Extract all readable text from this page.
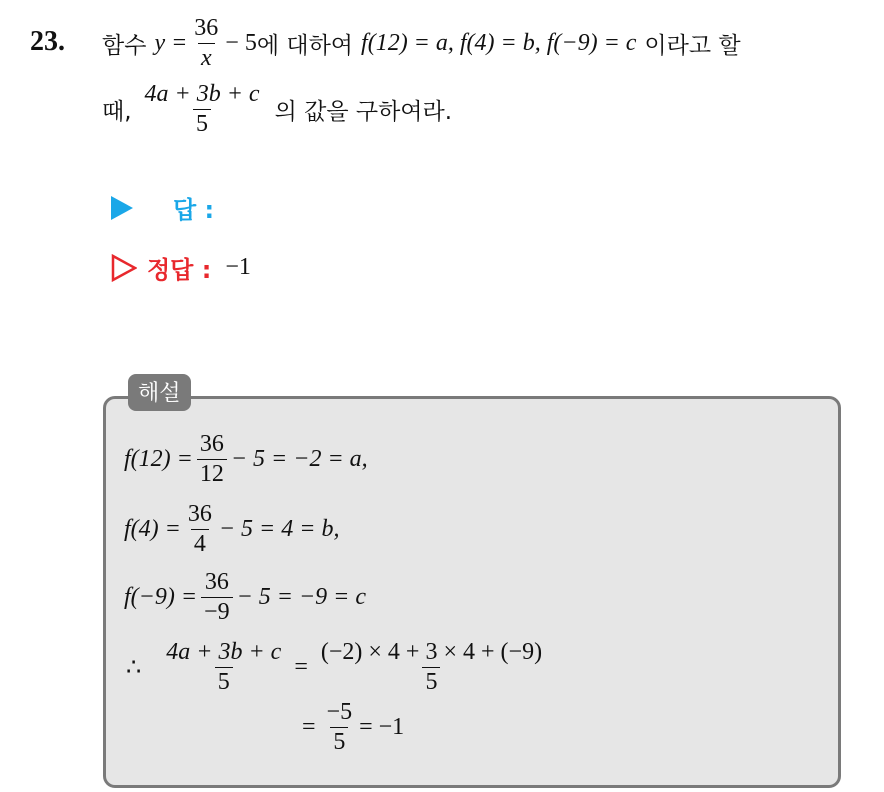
23. 함수 $y = \frac{36}{x} - 5$ 에 대하여 f(12) = a, f(4) = b, f(−9) = c 이라고 할
때, $\frac{4a + 3b + c}{5}$ 의 값을 구하여라.
답 :
정답 : −1
해설
$f(12) = \frac{36}{12} - 5 = -2 = a$,
$f(4) = \frac{36}{4} - 5 = 4 = b$,
$f(-9) = \frac{36}{-9} - 5 = -9 = c$
∴ $\frac{4a + 3b + c}{5} = \frac{(-2) \times 4 + 3 \times 4 + (-9)}{5}$
= $\frac{-5}{5} = -1$
